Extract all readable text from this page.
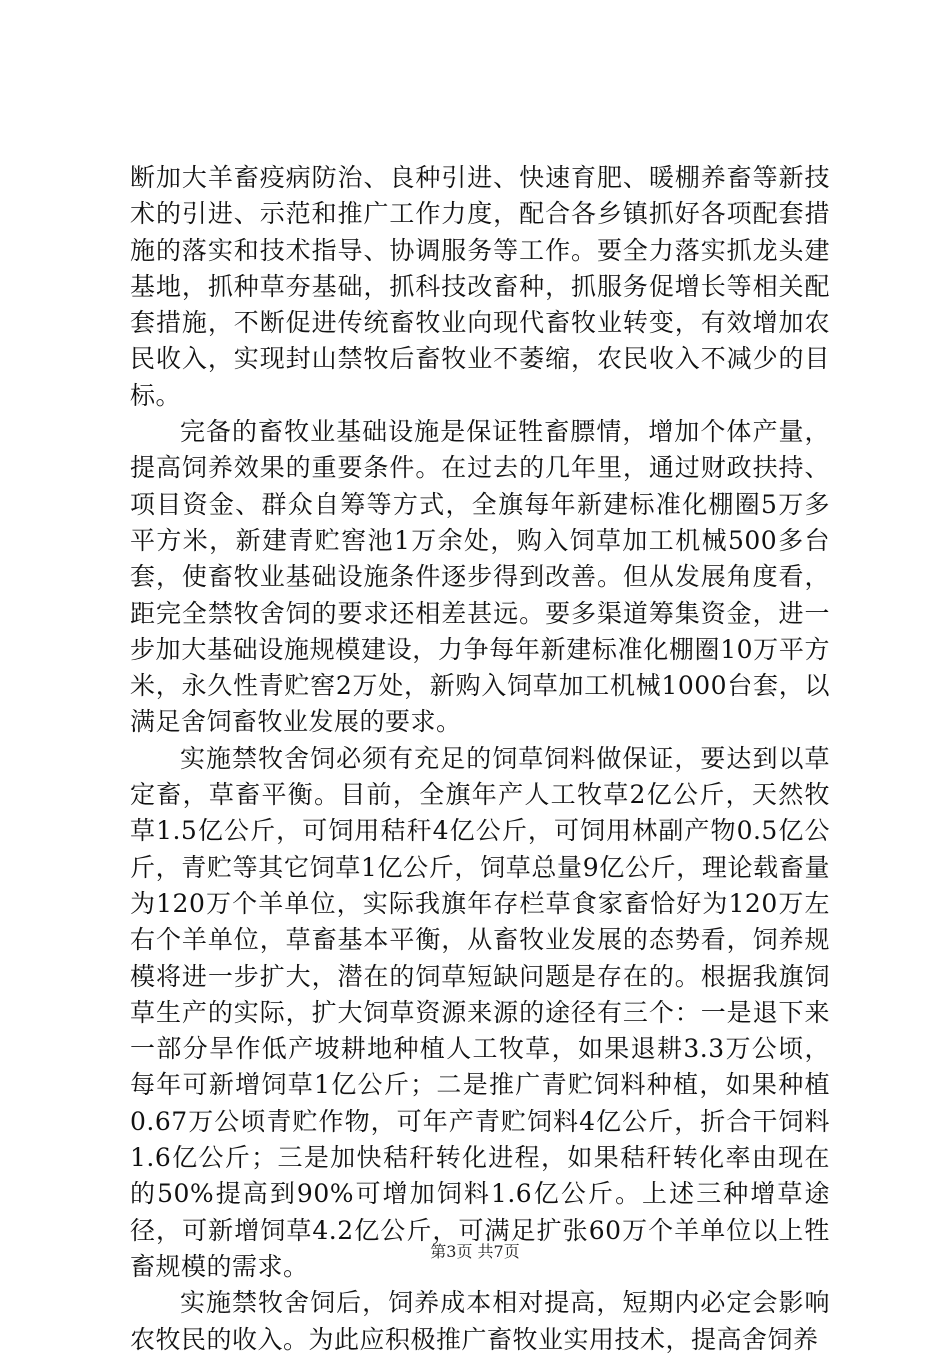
断加大羊畜疫病防治、良种引进、快速育肥、暖棚养畜等新技术的引进、示范和推广工作力度，配合各乡镇抓好各项配套措施的落实和技术指导、协调服务等工作。要全力落实抓龙头建基地，抓种草夯基础，抓科技改畜种，抓服务促增长等相关配套措施，不断促进传统畜牧业向现代畜牧业转变，有效增加农民收入，实现封山禁牧后畜牧业不萎缩，农民收入不减少的目标。

完备的畜牧业基础设施是保证牲畜膘情，增加个体产量，提高饲养效果的重要条件。在过去的几年里，通过财政扶持、项目资金、群众自筹等方式，全旗每年新建标准化棚圈5万多平方米，新建青贮窖池1万余处，购入饲草加工机械500多台套，使畜牧业基础设施条件逐步得到改善。但从发展角度看，距完全禁牧舍饲的要求还相差甚远。要多渠道筹集资金，进一步加大基础设施规模建设，力争每年新建标准化棚圈10万平方米，永久性青贮窖2万处，新购入饲草加工机械1000台套，以满足舍饲畜牧业发展的要求。

实施禁牧舍饲必须有充足的饲草饲料做保证，要达到以草定畜，草畜平衡。目前，全旗年产人工牧草2亿公斤，天然牧草1.5亿公斤，可饲用秸秆4亿公斤，可饲用林副产物0.5亿公斤，青贮等其它饲草1亿公斤，饲草总量9亿公斤，理论载畜量为120万个羊单位，实际我旗年存栏草食家畜恰好为120万左右个羊单位，草畜基本平衡，从畜牧业发展的态势看，饲养规模将进一步扩大，潜在的饲草短缺问题是存在的。根据我旗饲草生产的实际，扩大饲草资源来源的途径有三个：一是退下来一部分旱作低产坡耕地种植人工牧草，如果退耕3.3万公顷，每年可新增饲草1亿公斤；二是推广青贮饲料种植，如果种植0.67万公顷青贮作物，可年产青贮饲料4亿公斤，折合干饲料1.6亿公斤；三是加快秸秆转化进程，如果秸秆转化率由现在的50%提高到90%可增加饲料1.6亿公斤。上述三种增草途径，可新增饲草4.2亿公斤，可满足扩张60万个羊单位以上牲畜规模的需求。

实施禁牧舍饲后，饲养成本相对提高，短期内必定会影响农牧民的收入。为此应积极推广畜牧业实用技术，提高舍饲养

第3页 共7页
